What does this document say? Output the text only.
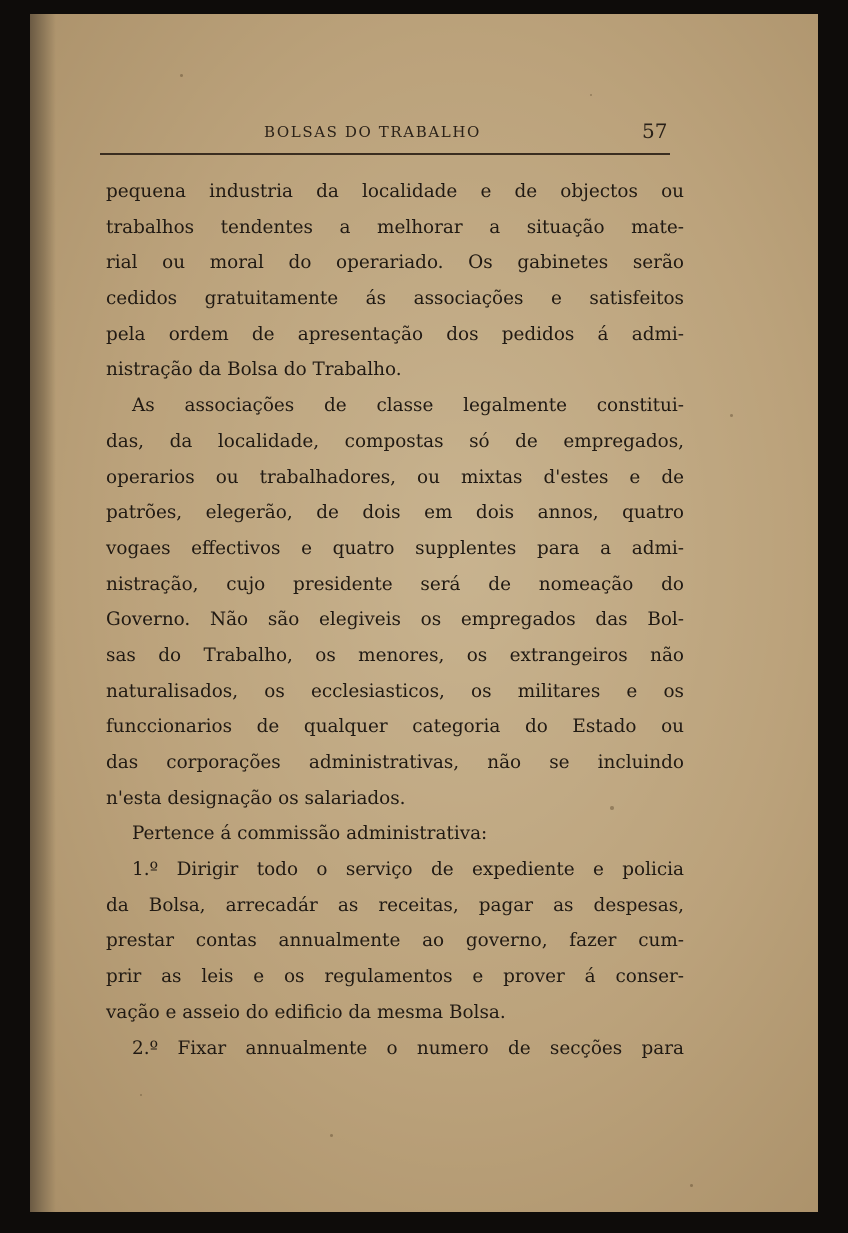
BOLSAS DO TRABALHO	57
pequena industria da localidade e de objectos ou
trabalhos tendentes a melhorar a situação mate-
rial ou moral do operariado. Os gabinetes serão
cedidos gratuitamente ás associações e satisfeitos
pela ordem de apresentação dos pedidos á admi-
nistração da Bolsa do Trabalho.
As associações de classe legalmente constitui-
das, da localidade, compostas só de empregados,
operarios ou trabalhadores, ou mixtas d'estes e de
patrões, elegerão, de dois em dois annos, quatro
vogaes effectivos e quatro supplentes para a admi-
nistração, cujo presidente será de nomeação do
Governo. Não são elegiveis os empregados das Bol-
sas do Trabalho, os menores, os extrangeiros não
naturalisados, os ecclesiasticos, os militares e os
funccionarios de qualquer categoria do Estado ou
das corporações administrativas, não se incluindo
n'esta designação os salariados.
Pertence á commissão administrativa:
1.º Dirigir todo o serviço de expediente e policia
da Bolsa, arrecadár as receitas, pagar as despesas,
prestar contas annualmente ao governo, fazer cum-
prir as leis e os regulamentos e prover á conser-
vação e asseio do edificio da mesma Bolsa.
2.º Fixar annualmente o numero de secções para
